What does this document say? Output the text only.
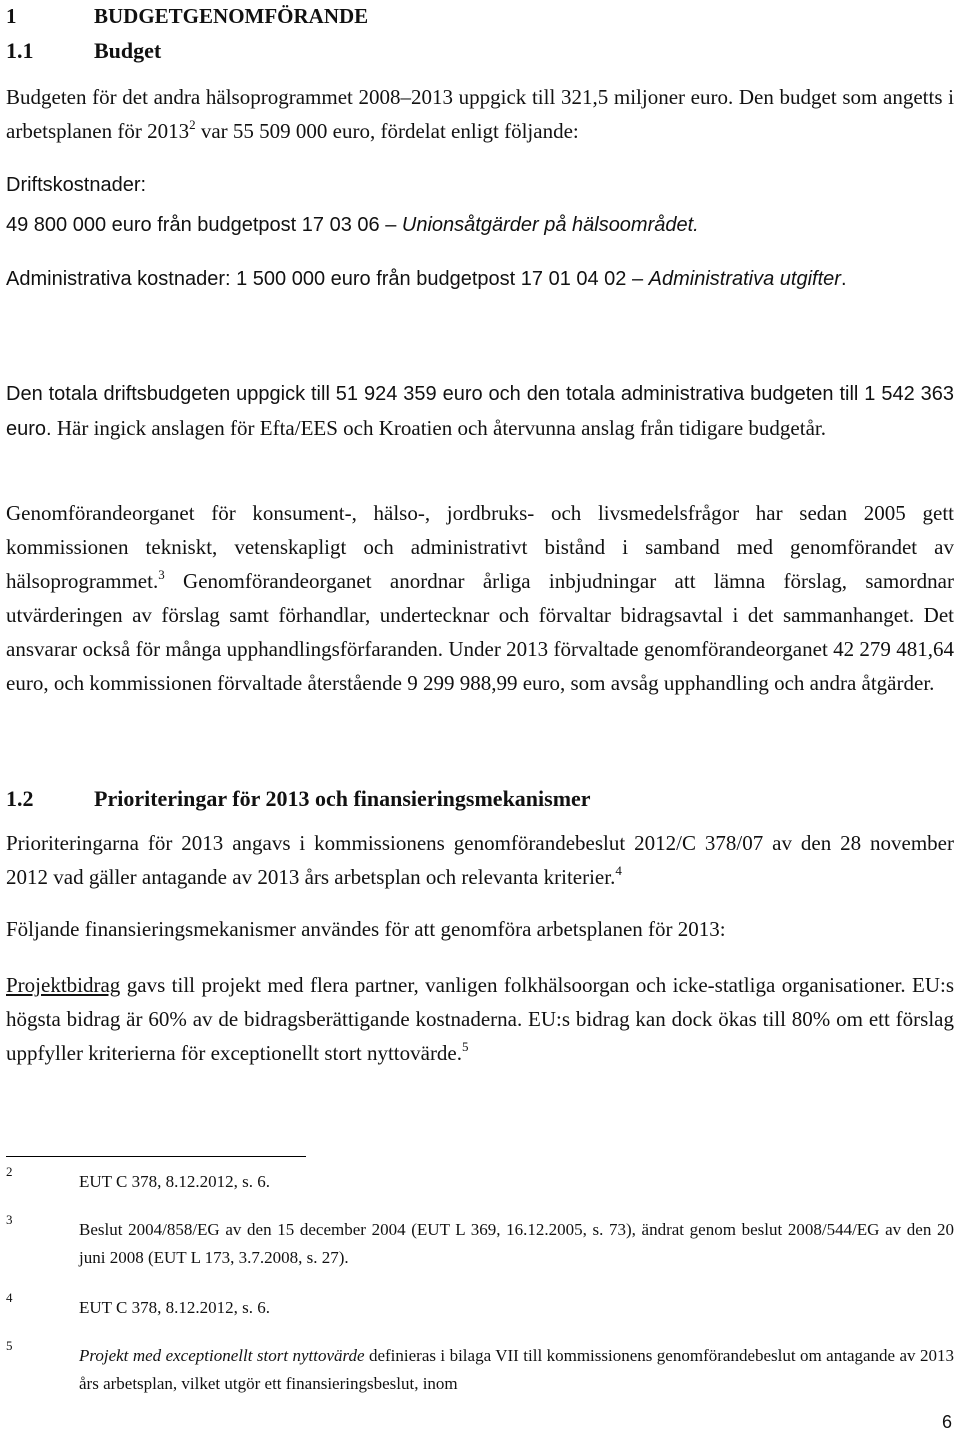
1	BUDGETGENOMFÖRANDE
1.1	Budget

Budgeten för det andra hälsoprogrammet 2008–2013 uppgick till 321,5 miljoner euro. Den budget som angetts i arbetsplanen för 2013$^2$ var 55 509 000 euro, fördelat enligt följande:

Driftskostnader:

49 800 000 euro från budgetpost 17 03 06 – Unionsåtgärder på hälsoområdet.

Administrativa kostnader: 1 500 000 euro från budgetpost 17 01 04 02 – Administrativa utgifter.

Den totala driftsbudgeten uppgick till 51 924 359 euro och den totala administrativa budgeten till 1 542 363 euro. Här ingick anslagen för Efta/EES och Kroatien och återvunna anslag från tidigare budgetår.

Genomförandeorganet för konsument-, hälso-, jordbruks- och livsmedelsfrågor har sedan 2005 gett kommissionen tekniskt, vetenskapligt och administrativt bistånd i samband med genomförandet av hälsoprogrammet.$^3$ Genomförandeorganet anordnar årliga inbjudningar att lämna förslag, samordnar utvärderingen av förslag samt förhandlar, undertecknar och förvaltar bidragsavtal i det sammanhanget. Det ansvarar också för många upphandlingsförfaranden. Under 2013 förvaltade genomförandeorganet 42 279 481,64 euro, och kommissionen förvaltade återstående 9 299 988,99 euro, som avsåg upphandling och andra åtgärder.

1.2	Prioriteringar för 2013 och finansieringsmekanismer

Prioriteringarna för 2013 angavs i kommissionens genomförandebeslut 2012/C 378/07 av den 28 november 2012 vad gäller antagande av 2013 års arbetsplan och relevanta kriterier.$^4$

Följande finansieringsmekanismer användes för att genomföra arbetsplanen för 2013:

Projektbidrag gavs till projekt med flera partner, vanligen folkhälsoorgan och icke-statliga organisationer. EU:s högsta bidrag är 60% av de bidragsberättigande kostnaderna. EU:s bidrag kan dock ökas till 80% om ett förslag uppfyller kriterierna för exceptionellt stort nyttovärde.$^5$

2
EUT C 378, 8.12.2012, s. 6.
3
Beslut 2004/858/EG av den 15 december 2004 (EUT L 369, 16.12.2005, s. 73), ändrat genom beslut 2008/544/EG av den 20 juni 2008 (EUT L 173, 3.7.2008, s. 27).
4
EUT C 378, 8.12.2012, s. 6.
5
Projekt med exceptionellt stort nyttovärde definieras i bilaga VII till kommissionens genomförandebeslut om antagande av 2013 års arbetsplan, vilket utgör ett finansieringsbeslut, inom
6
